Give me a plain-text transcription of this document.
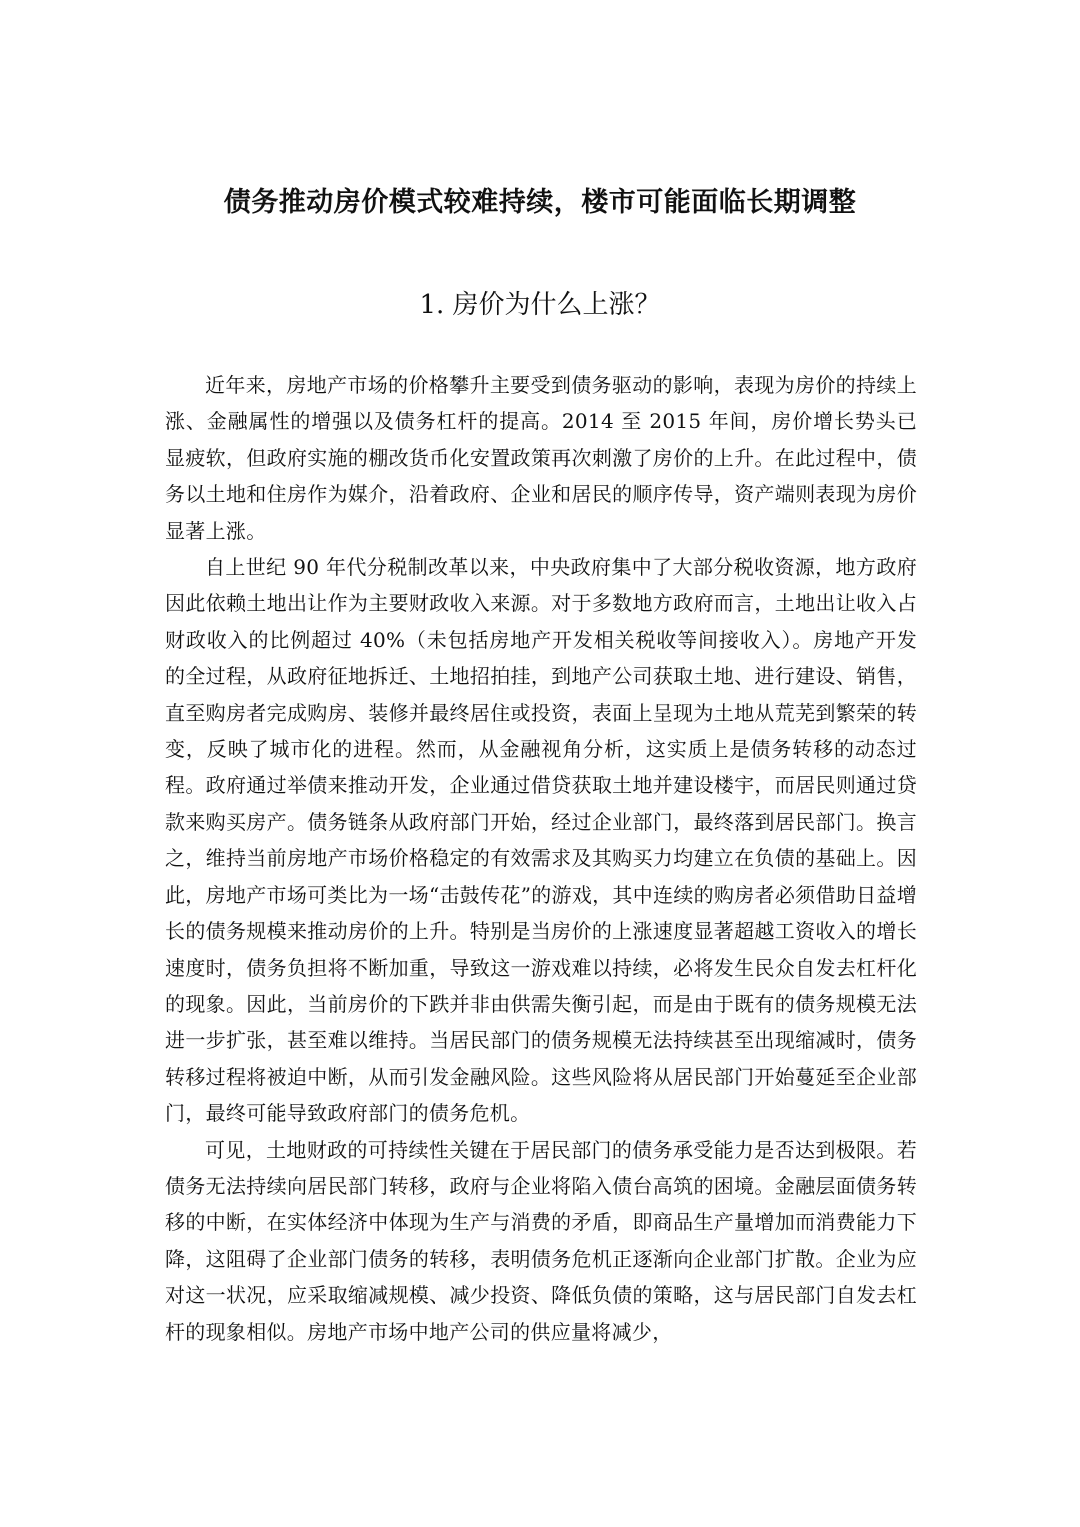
债务推动房价模式较难持续，楼市可能面临长期调整
1. 房价为什么上涨？

近年来，房地产市场的价格攀升主要受到债务驱动的影响，表现为房价的持续上涨、金融属性的增强以及债务杠杆的提高。2014 至 2015 年间，房价增长势头已显疲软，但政府实施的棚改货币化安置政策再次刺激了房价的上升。在此过程中，债务以土地和住房作为媒介，沿着政府、企业和居民的顺序传导，资产端则表现为房价显著上涨。

自上世纪 90 年代分税制改革以来，中央政府集中了大部分税收资源，地方政府因此依赖土地出让作为主要财政收入来源。对于多数地方政府而言，土地出让收入占财政收入的比例超过 40%（未包括房地产开发相关税收等间接收入）。房地产开发的全过程，从政府征地拆迁、土地招拍挂，到地产公司获取土地、进行建设、销售，直至购房者完成购房、装修并最终居住或投资，表面上呈现为土地从荒芜到繁荣的转变，反映了城市化的进程。然而，从金融视角分析，这实质上是债务转移的动态过程。政府通过举债来推动开发，企业通过借贷获取土地并建设楼宇，而居民则通过贷款来购买房产。债务链条从政府部门开始，经过企业部门，最终落到居民部门。换言之，维持当前房地产市场价格稳定的有效需求及其购买力均建立在负债的基础上。因此，房地产市场可类比为一场“击鼓传花”的游戏，其中连续的购房者必须借助日益增长的债务规模来推动房价的上升。特别是当房价的上涨速度显著超越工资收入的增长速度时，债务负担将不断加重，导致这一游戏难以持续，必将发生民众自发去杠杆化的现象。因此，当前房价的下跌并非由供需失衡引起，而是由于既有的债务规模无法进一步扩张，甚至难以维持。当居民部门的债务规模无法持续甚至出现缩减时，债务转移过程将被迫中断，从而引发金融风险。这些风险将从居民部门开始蔓延至企业部门，最终可能导致政府部门的债务危机。

可见，土地财政的可持续性关键在于居民部门的债务承受能力是否达到极限。若债务无法持续向居民部门转移，政府与企业将陷入债台高筑的困境。金融层面债务转移的中断，在实体经济中体现为生产与消费的矛盾，即商品生产量增加而消费能力下降，这阻碍了企业部门债务的转移，表明债务危机正逐渐向企业部门扩散。企业为应对这一状况，应采取缩减规模、减少投资、降低负债的策略，这与居民部门自发去杠杆的现象相似。房地产市场中地产公司的供应量将减少，
